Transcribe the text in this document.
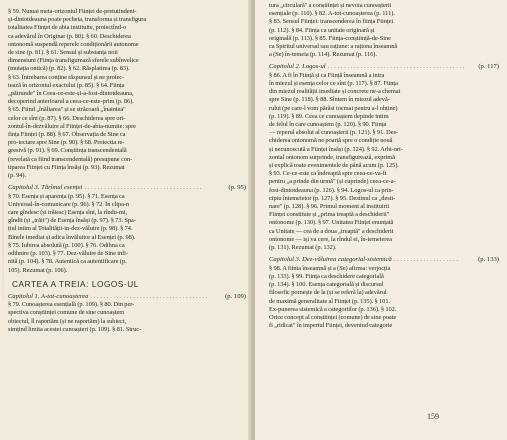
§ 59. Numai meta-orizontul Ființei de-pretutindeni-
și-dintotdeauna poate pecheta, transforma și transfigura
totalitatea Ființei de abia instituite, proiectînd-o
ca adevărul în Originar (p. 80). § 60. Deschiderea
ontonomă suspendă reperele condiționării autonome
de sine (p. 81). § 61. Sensul și substanța noii
dimensiuni (Ființa transfigurează sferele subînvelice
(mutația ontică) (p. 82). § 62. Răsplatirea (p. 83).
§ 63. Întrebarea conține răspunsul și ne proiec-
tează în orizontul exactului (p. 85). § 64. Ființa
„pătrunde" în Ceea-ce-este-și-a-fost-dintotdeauna,
decoperind anterioarul a ceea-ce-este-prim (p. 86).
§ 65. Fiind „înăltarea" și se străcoară „înaintea"
celor ce sînt (p. 87). § 66. Deschiderea spre ori-
zontul-în-dezvăluire al Ființei-de-abia-numite: spre
fința Ființei (p. 88). § 67. Observația de Sine ca
pro-iectare spre Sine (p. 90). § 68. Proiectia re-
gresivă (p. 91). § 69. Conștiința transcendentală
(revelată ca fiind transcendentală) presupune con-
tiparea Ființei cu Ființa însăși (p. 93). Rezumat
(p. 94).
Capitolul 3. Tărîmul esenței . . . . . . . . . . . . . . . . . . . . . . . . . . . . . . . . . . . .	(p. 95)
§ 70. Esența și aparența (p. 95). § 71. Esența ca
Universal-în-comunicare (p. 96). § 72. În clipa-n
care gîndesc (și trăiesc) Esența sînt, la rîndu-mi,
gîndit (și „trăit") de Esența însăși (p. 97). § 73. Spa-
țiul intim al Totalității-in-dez-văluire (p. 98). § 74.
Binele imediat și adica învăluitor al Esenței (p. 98).
§ 75. Iubirea absolută (p. 100). § 76. Odihna ca
odihnire (p. 103). § 77. Dez-văluire de Sine infi-
nită (p. 104). § 78. Autentică ca autentificare (p.
105). Rezumat (p. 106).
CARTEA A TREIA: LOGOS-UL
Capitolul 1. A-tot-cunoașterea . . . . . . . . . . . . . . . . . . . . . . . . . . . . . . . . . . . .	(p. 109)
§ 79. Cunoașterea esențială (p. 109). § 80. Din per-
spectiva conștiinței comune de sine cunoaștem
obiectul, îl raportăm (și ne raportăm) la subiect,
simțind limita acestei cunoașteri (p. 109). § 81. Struc-
tura „circulară" a conștiinței și nevoia cunoașterii
esențiale (p. 110). § 82. A-tot-cunoașterea (p. 111).
§ 83. Sensul Ființei: transcenderea în ființa Ființei
(p. 112). § 84. Ființa ca unitate originară și
originală (p. 113). § 85. Ființa-conștiință-de-Sine
ca Spiritul universal sau rațiune: a raționa înseamnă
a (Se) în-temeia (p. 114). Rezumat (p. 116).
Capitolul 2. Logos-ul . . . . . . . . . . . . . . . . . . . . . . . . . . . . . . . . . . . . . . . . . .	(p. 117)
§ 86. A fi în Ființă și ca Ființă înseamnă a intra
în miezul și esența celor ce sînt (p. 117). § 87. Ființa
din miezul realității imediate și concrete ne-a chemat
spre Sine (p. 118). § 88. Sîntem în miezul adevă-
rului (pe care-l vom părăsi tocmai pentru a-l obține)
(p. 119). § 89. Ceea ce cunoaștem depinde intim
de felul în care cunoaștem (p. 120). § 90. Ființa
— reperul absolut al cunoașterii (p. 121). § 91. Des-
chiderea ontonomă ne poartă spre o condiție nouă
și necunoscută a Ființei însăși (p. 124). § 92. Arhi-ori-
zontal ontonom surprinde, transfigurează, exprimă
și explică toate evenimentele de până acum (p. 125).
§ 93. Ce-ce-este ca îndreaptă spre ceea-ce-va-fi
pentru „a prinde din urmă" (și cuprinde) ceea-ce-a-
fost-dintotdeauna (p. 126). § 94. Logos-ul ca prin-
cipiu întemeietor (p. 127). § 95. Destinul ca „desti-
nare" (p. 128). § 96. Primul moment al instituirii
Ființei constituie și „prima treaptă a deschiderii"
ontonome (p. 130). § 97. Unitatea Ființei enunțată
ca Unitate — cea de a doua „treaptă" a deschiderii
ontonome — iși va cere, la rîndul ei, în-temeierea
(p. 131). Rezumat (p. 132).
Capitolul 3. Dez-văluirea categorial-sistemică . . . . . . . . . . . . . . . . . . . .	(p. 133)
§ 98. A fiinta înseamnă și a (Se) afirma: verjocția
(p. 133). § 99. Ființa ca deschidere categorială
(p. 134). § 100. Esența categorială și discursul
filosofic pornește de la (și se referă la) adevărul
de maximă generalitate al Ființei (p. 135). § 101.
Ex-punerea sistemică a categoriilor (p. 136). § 102.
Orice concept al conștiinței (comune) de sine poate
fi „ridicat" în imperiul Ființei, devenind categorie
159
